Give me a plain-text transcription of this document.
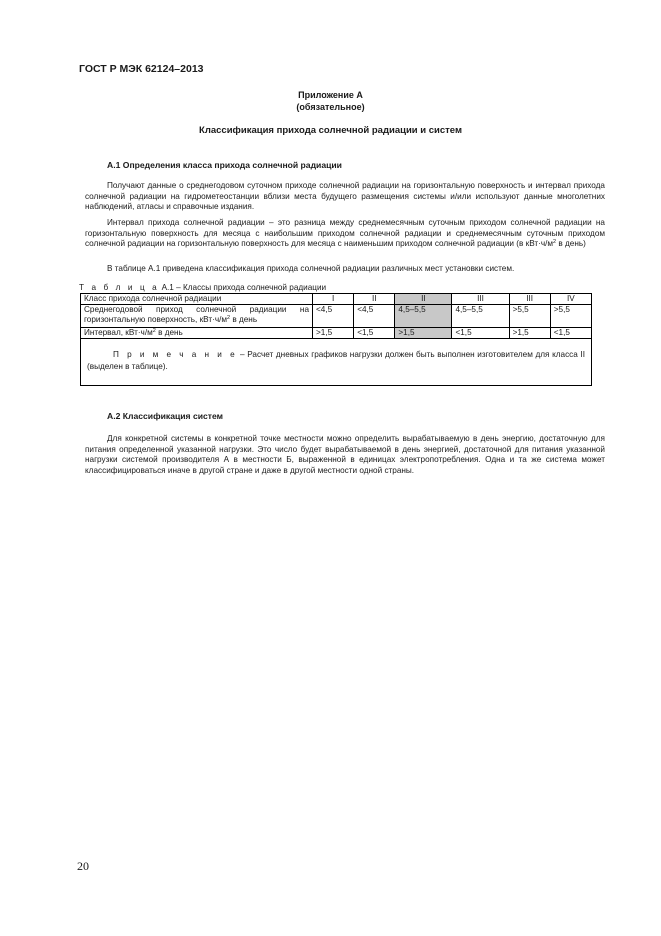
ГОСТ Р МЭК 62124–2013
Приложение А
(обязательное)
Классификация прихода солнечной радиации и систем
А.1 Определения класса прихода солнечной радиации

Получают данные о среднегодовом суточном приходе солнечной радиации на горизонтальную поверхность и интервал прихода солнечной радиации на гидрометеостанции вблизи места будущего размещения системы и/или используют данные многолетних наблюдений, атласы и справочные издания.

Интервал прихода солнечной радиации – это разница между среднемесячным суточным приходом солнечной радиации на горизонтальную поверхность для месяца с наибольшим приходом солнечной радиации и среднемесячным суточным приходом солнечной радиации на горизонтальную поверхность для месяца с наименьшим приходом солнечной радиации (в $кВт\cdot ч/м^2$ в день)

В таблице А.1 приведена классификация прихода солнечной радиации различных мест установки систем.

Т а б л и ц а А.1 – Классы прихода солнечной радиации
Класс прихода солнечной радиации	I	II	II	III	III	IV
Среднегодовой приход солнечной радиации на горизонтальную поверхность, $кВт\cdot ч/м^2$ в день	<4,5	<4,5	4,5–5,5	4,5–5,5	>5,5	>5,5
Интервал, $кВт\cdot ч/м^2$ в день	>1,5	<1,5	>1,5	<1,5	>1,5	<1,5
П р и м е ч а н и е – Расчет дневных графиков нагрузки должен быть выполнен изготовителем для класса II (выделен в таблице).						
А.2 Классификация систем

Для конкретной системы в конкретной точке местности можно определить вырабатываемую в день энергию, достаточную для питания определенной указанной нагрузки. Это число будет вырабатываемой в день энергией, достаточной для питания указанной нагрузки системой производителя А в местности Б, выраженной в единицах электропотребления. Одна и та же система может классифицироваться иначе в другой стране и даже в другой местности одной страны.

20
